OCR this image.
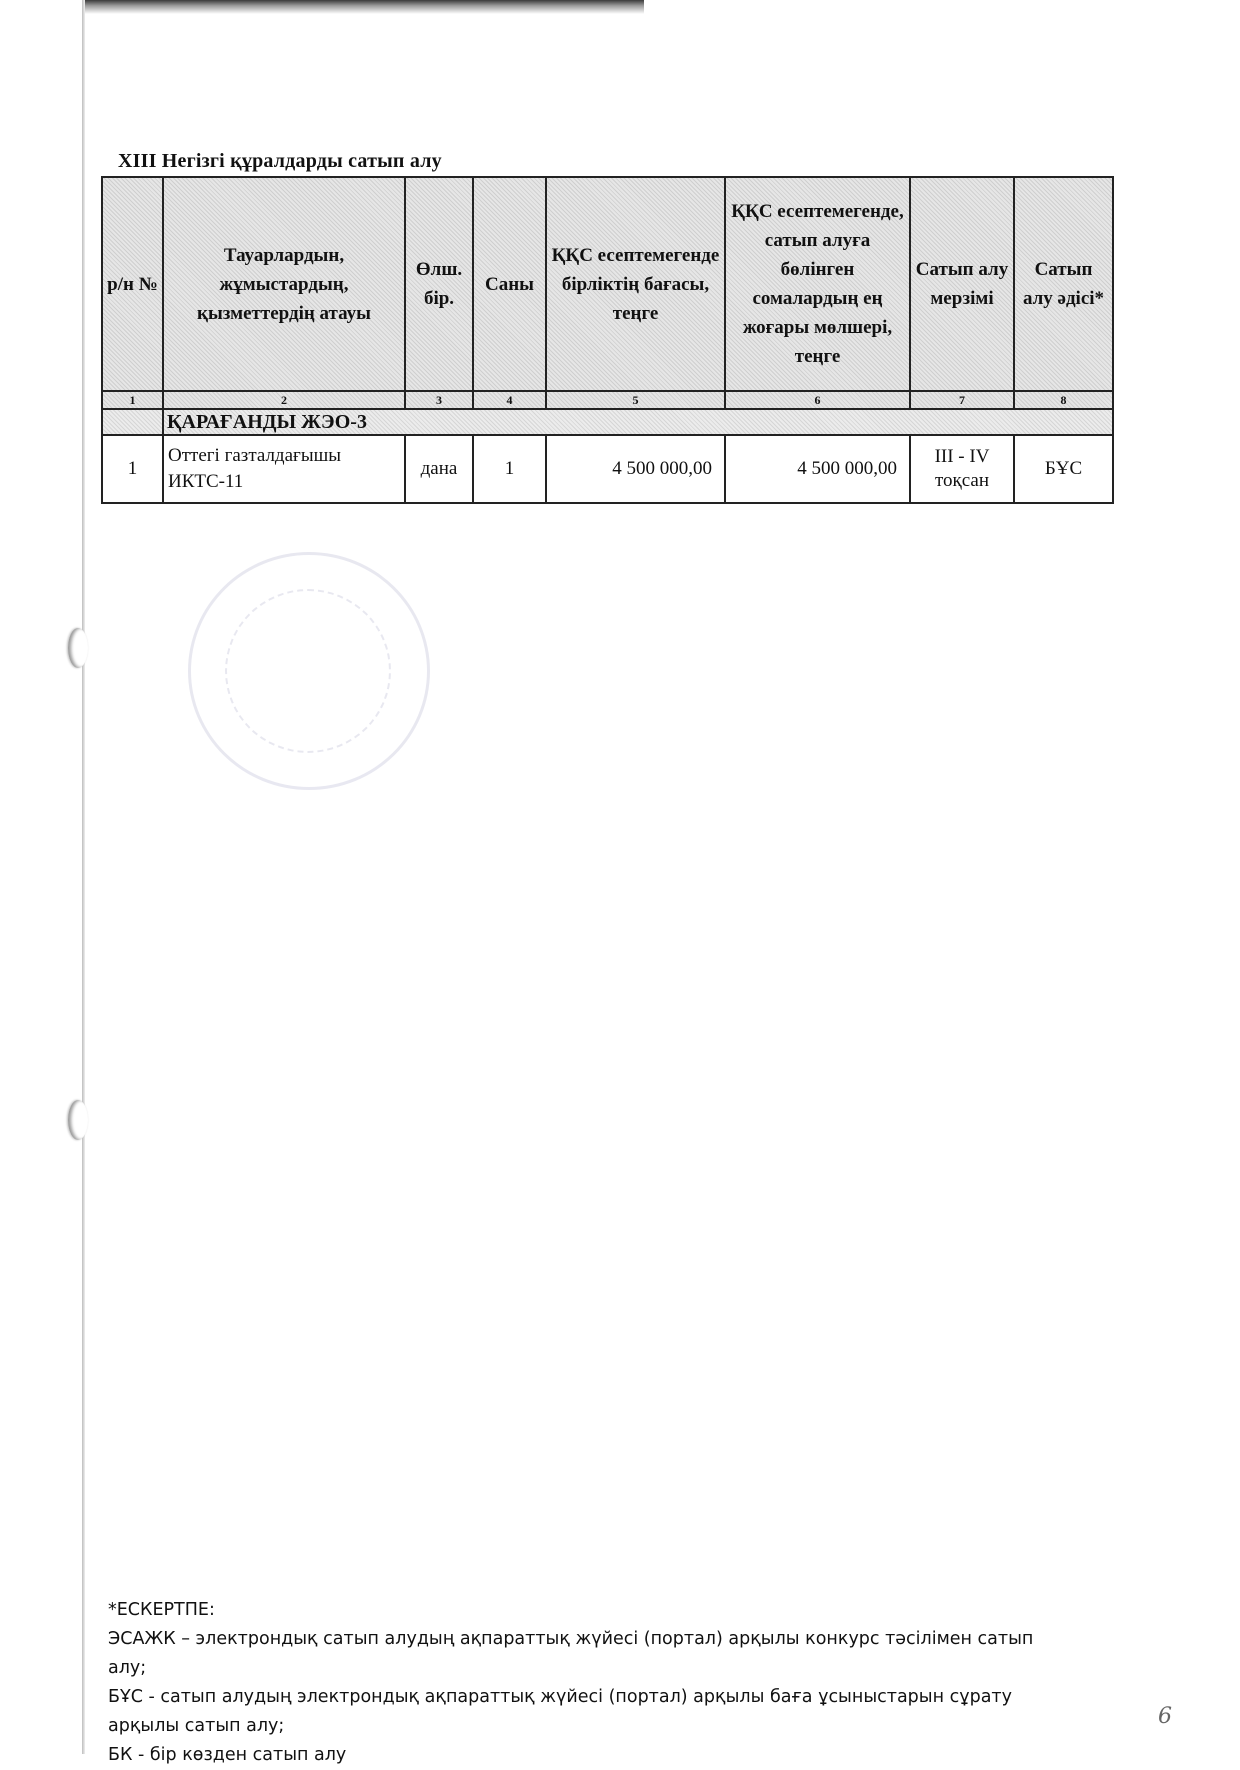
XIII Негізгі құралдарды сатып алу
р/н №	Тауарлардын, жұмыстардың, қызметтердің атауы	Өлш. бір.	Саны	ҚҚС есептемегенде бірліктің бағасы, теңге	ҚҚС есептемегенде, сатып алуға бөлінген сомалардың ең жоғары мөлшері, теңге	Сатып алу мерзімі	Сатып алу әдісі*
1	2	3	4	5	6	7	8
	ҚАРАҒАНДЫ ЖЭО-3						
1	Оттегі газталдағышы ИКТС-11	дана	1	4 500 000,00	4 500 000,00	III - IV тоқсан	БҰС

*ЕСКЕРТПЕ:

ЭСАЖК – электрондық сатып алудың ақпараттық жүйесі (портал) арқылы конкурс тәсілімен сатып алу;

БҰС - сатып алудың электрондық ақпараттық жүйесі (портал) арқылы баға ұсыныстарын сұрату арқылы сатып алу;

БК - бір көзден сатып алу

6
